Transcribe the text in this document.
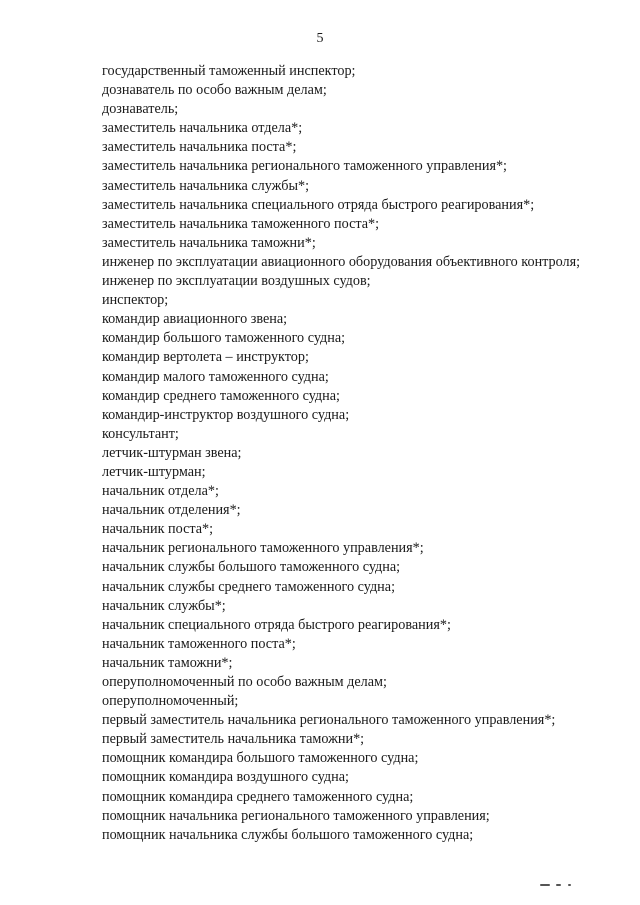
5
государственный таможенный инспектор;
дознаватель по особо важным делам;
дознаватель;
заместитель начальника отдела*;
заместитель начальника поста*;
заместитель начальника регионального таможенного управления*;
заместитель начальника службы*;
заместитель начальника специального отряда быстрого реагирования*;
заместитель начальника таможенного поста*;
заместитель начальника таможни*;
инженер по эксплуатации авиационного оборудования объективного контроля;
инженер по эксплуатации воздушных судов;
инспектор;
командир авиационного звена;
командир большого таможенного судна;
командир вертолета – инструктор;
командир малого таможенного судна;
командир среднего таможенного судна;
командир-инструктор воздушного судна;
консультант;
летчик-штурман звена;
летчик-штурман;
начальник отдела*;
начальник отделения*;
начальник поста*;
начальник регионального таможенного управления*;
начальник службы большого таможенного судна;
начальник службы среднего таможенного судна;
начальник службы*;
начальник специального отряда быстрого реагирования*;
начальник таможенного поста*;
начальник таможни*;
оперуполномоченный по особо важным делам;
оперуполномоченный;
первый заместитель начальника регионального таможенного управления*;
первый заместитель начальника таможни*;
помощник командира большого таможенного судна;
помощник командира воздушного судна;
помощник командира среднего таможенного судна;
помощник начальника регионального таможенного управления;
помощник начальника службы большого таможенного судна;
